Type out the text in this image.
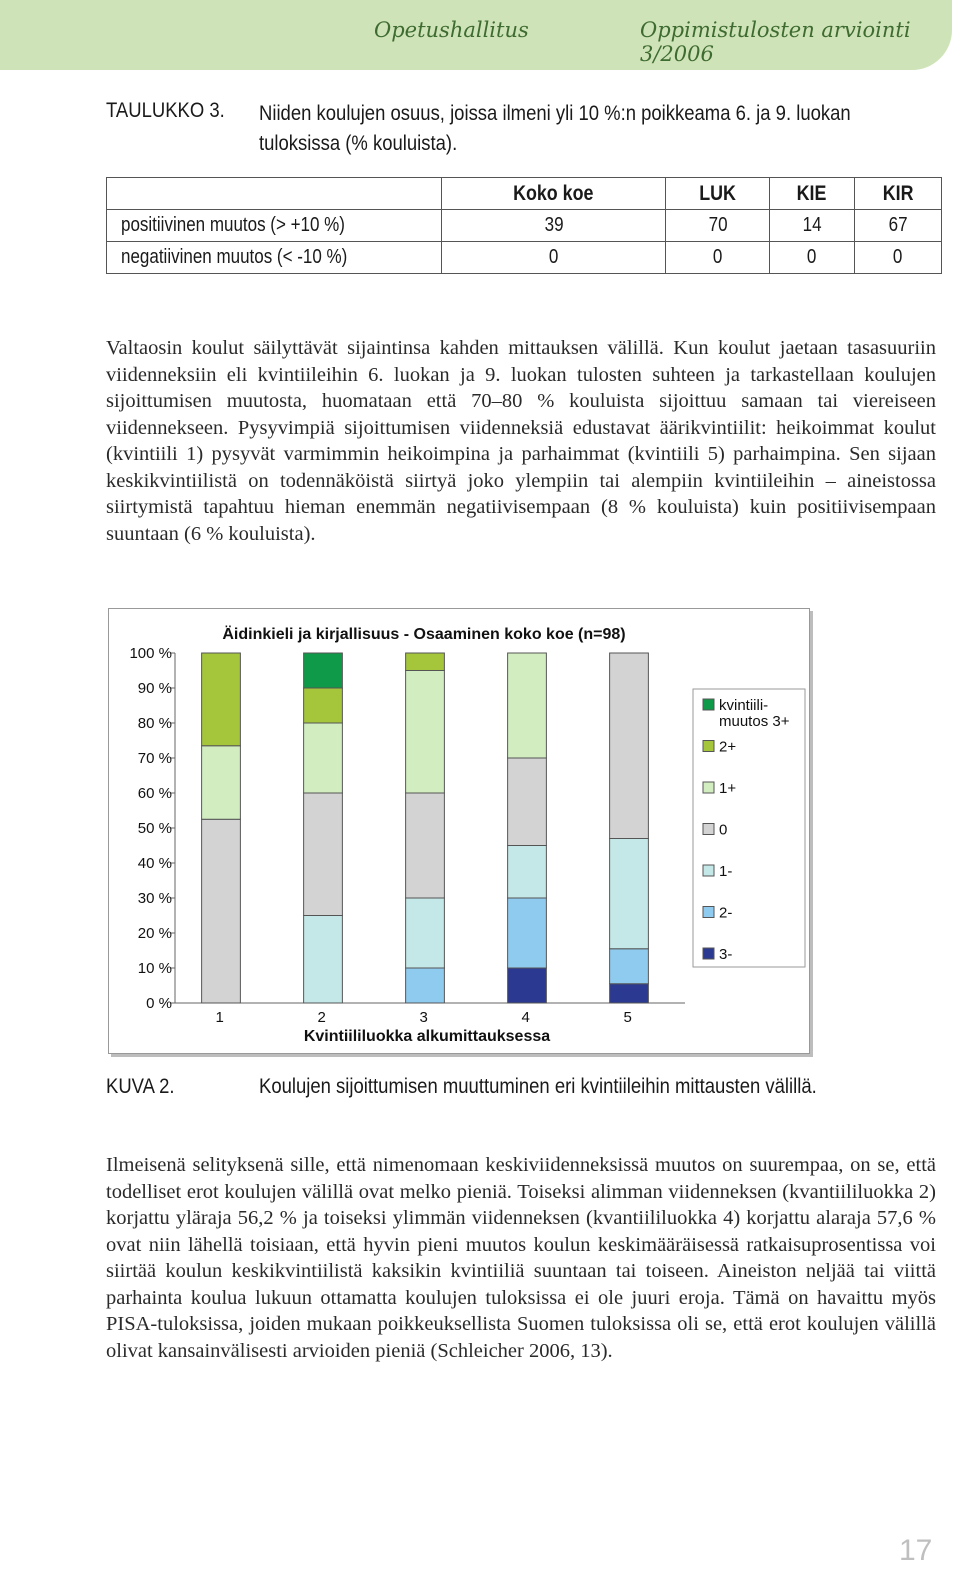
Opetushallitus	Oppimistulosten arviointi 3/2006
TAULUKKO 3. Niiden koulujen osuus, joissa ilmeni yli 10 %:n poikkeama 6. ja 9. luokan tuloksissa (% kouluista).
	Koko koe	LUK	KIE	KIR
positiivinen muutos (> +10 %)	39	70	14	67
negatiivinen muutos (< -10 %)	0	0	0	0
Valtaosin koulut säilyttävät sijaintinsa kahden mittauksen välillä. Kun koulut jaetaan tasasuuriin viidenneksiin eli kvintiileihin 6. luokan ja 9. luokan tulosten suhteen ja tarkastellaan koulujen sijoittumisen muutosta, huomataan että 70–80 % kouluista sijoittuu samaan tai viereiseen viidennekseen. Pysyvimpiä sijoittumisen viidenneksiä edustavat äärikvintiilit: heikoimmat koulut (kvintiili 1) pysyvät varmimmin heikoimpina ja parhaimmat (kvintiili 5) parhaimpina. Sen sijaan keskikvintiilistä on todennäköistä siirtyä joko ylempiin tai alempiin kvintiileihin – aineistossa siirtymistä tapahtuu hieman enemmän negatiivisempaan (8 % kouluista) kuin positiivisempaan suuntaan (6 % kouluista).
Äidinkieli ja kirjallisuus - Osaaminen koko koe (n=98)
Kvintiililuokka alkumittauksessa
0 %
10 %
20 %
30 %
40 %
50 %
60 %
70 %
80 %
90 %
100 %
1	2	3	4	5
kvintiili-
muutos 3+
2+
1+
0
1-
2-
3-
KUVA 2.	Koulujen sijoittumisen muuttuminen eri kvintiileihin mittausten välillä.
Ilmeisenä selityksenä sille, että nimenomaan keskiviidenneksissä muutos on suurempaa, on se, että todelliset erot koulujen välillä ovat melko pieniä. Toiseksi alimman viidenneksen (kvantiililuokka 2) korjattu yläraja 56,2 % ja toiseksi ylimmän viidenneksen (kvantiililuokka 4) korjattu alaraja 57,6 % ovat niin lähellä toisiaan, että hyvin pieni muutos koulun keskimääräisessä ratkaisuprosentissa voi siirtää koulun keskikvintiilistä kaksikin kvintiiliä suuntaan tai toiseen. Aineiston neljää tai viittä parhainta koulua lukuun ottamatta koulujen tuloksissa ei ole juuri eroja. Tämä on havaittu myös PISA-tuloksissa, joiden mukaan poikkeuksellista Suomen tuloksissa oli se, että erot koulujen välillä olivat kansainvälisesti arvioiden pieniä (Schleicher 2006, 13).
17
